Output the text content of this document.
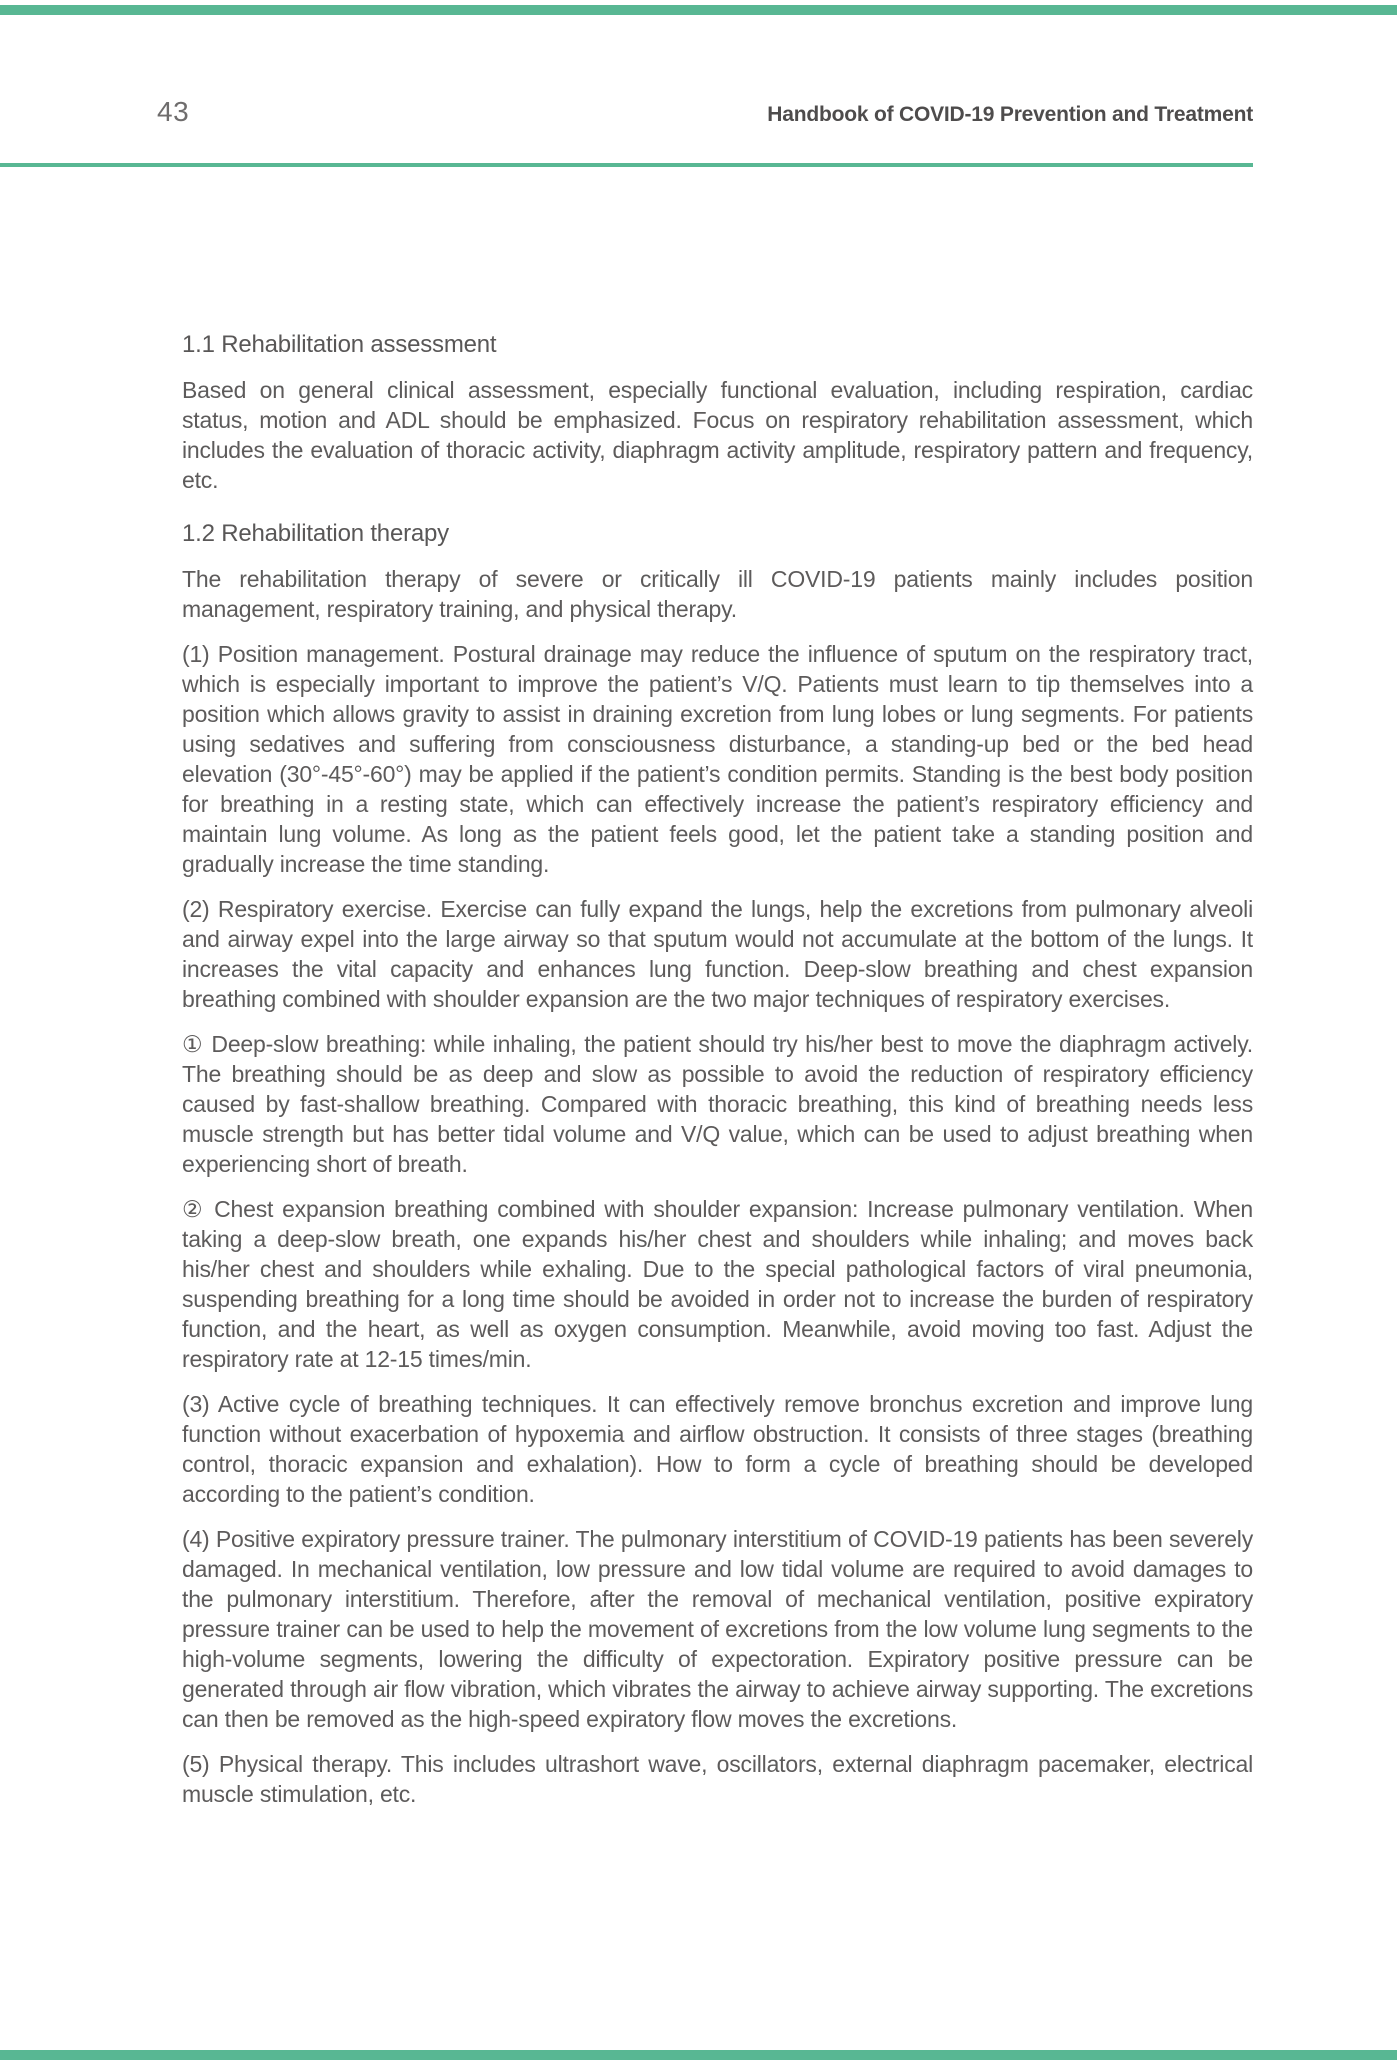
43	Handbook of COVID-19 Prevention and Treatment
1.1 Rehabilitation assessment

Based on general clinical assessment, especially functional evaluation, including respiration, cardiac status, motion and ADL should be emphasized. Focus on respiratory rehabilitation assessment, which includes the evaluation of thoracic activity, diaphragm activity amplitude, respiratory pattern and frequency, etc.

1.2 Rehabilitation therapy

The rehabilitation therapy of severe or critically ill COVID-19 patients mainly includes position management, respiratory training, and physical therapy.

(1) Position management. Postural drainage may reduce the influence of sputum on the respiratory tract, which is especially important to improve the patient’s V/Q. Patients must learn to tip themselves into a position which allows gravity to assist in draining excretion from lung lobes or lung segments. For patients using sedatives and suffering from consciousness disturbance, a standing-up bed or the bed head elevation (30°-45°-60°) may be applied if the patient’s condition permits. Standing is the best body position for breathing in a resting state, which can effectively increase the patient’s respiratory efficiency and maintain lung volume. As long as the patient feels good, let the patient take a standing position and gradually increase the time standing.

(2) Respiratory exercise. Exercise can fully expand the lungs, help the excretions from pulmonary alveoli and airway expel into the large airway so that sputum would not accumulate at the bottom of the lungs. It increases the vital capacity and enhances lung function. Deep-slow breathing and chest expansion breathing combined with shoulder expansion are the two major techniques of respiratory exercises.

① Deep-slow breathing: while inhaling, the patient should try his/her best to move the diaphragm actively. The breathing should be as deep and slow as possible to avoid the reduction of respiratory efficiency caused by fast-shallow breathing. Compared with thoracic breathing, this kind of breathing needs less muscle strength but has better tidal volume and V/Q value, which can be used to adjust breathing when experiencing short of breath.

② Chest expansion breathing combined with shoulder expansion: Increase pulmonary ventilation. When taking a deep-slow breath, one expands his/her chest and shoulders while inhaling; and moves back his/her chest and shoulders while exhaling. Due to the special pathological factors of viral pneumonia, suspending breathing for a long time should be avoided in order not to increase the burden of respiratory function, and the heart, as well as oxygen consumption. Meanwhile, avoid moving too fast. Adjust the respiratory rate at 12-15 times/min.

(3) Active cycle of breathing techniques. It can effectively remove bronchus excretion and improve lung function without exacerbation of hypoxemia and airflow obstruction. It consists of three stages (breathing control, thoracic expansion and exhalation). How to form a cycle of breathing should be developed according to the patient’s condition.

(4) Positive expiratory pressure trainer. The pulmonary interstitium of COVID-19 patients has been severely damaged. In mechanical ventilation, low pressure and low tidal volume are required to avoid damages to the pulmonary interstitium. Therefore, after the removal of mechanical ventilation, positive expiratory pressure trainer can be used to help the movement of excretions from the low volume lung segments to the high-volume segments, lowering the difficulty of expectoration. Expiratory positive pressure can be generated through air flow vibration, which vibrates the airway to achieve airway supporting. The excretions can then be removed as the high-speed expiratory flow moves the excretions.

(5) Physical therapy. This includes ultrashort wave, oscillators, external diaphragm pacemaker, electrical muscle stimulation, etc.
